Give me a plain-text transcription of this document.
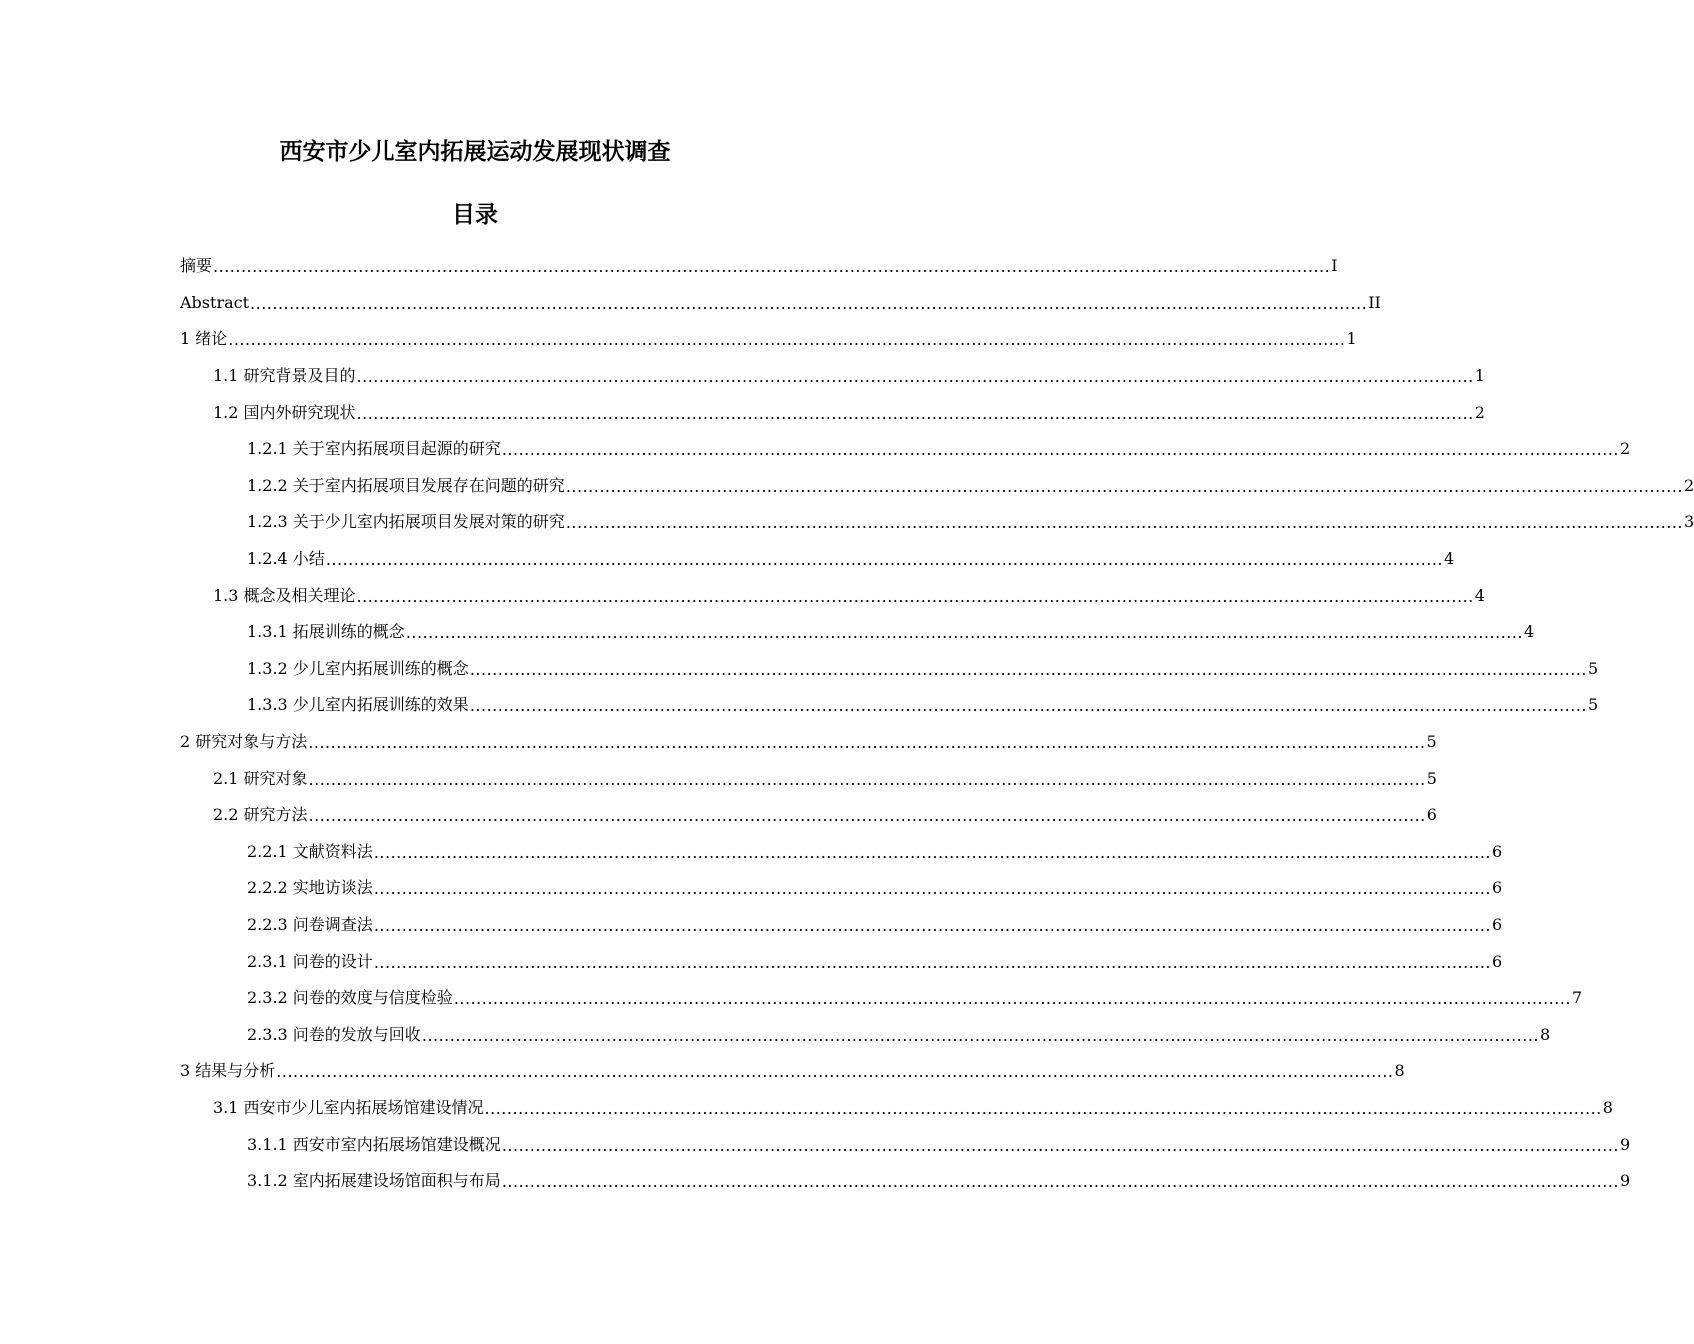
西安市少儿室内拓展运动发展现状调查
目录
摘要 ........................................................................................................................................................................................................ I
Abstract ........................................................................................................................................................................................................ II
1 绪论 ........................................................................................................................................................................................................ 1
1.1 研究背景及目的 ........................................................................................................................................................................................................ 1
1.2 国内外研究现状 ........................................................................................................................................................................................................ 2
1.2.1 关于室内拓展项目起源的研究 ........................................................................................................................................................................................................ 2
1.2.2 关于室内拓展项目发展存在问题的研究 ........................................................................................................................................................................................................ 2
1.2.3 关于少儿室内拓展项目发展对策的研究 ........................................................................................................................................................................................................ 3
1.2.4 小结 ........................................................................................................................................................................................................ 4
1.3 概念及相关理论 ........................................................................................................................................................................................................ 4
1.3.1 拓展训练的概念 ........................................................................................................................................................................................................ 4
1.3.2 少儿室内拓展训练的概念 ........................................................................................................................................................................................................ 5
1.3.3 少儿室内拓展训练的效果 ........................................................................................................................................................................................................ 5
2 研究对象与方法 ........................................................................................................................................................................................................ 5
2.1 研究对象 ........................................................................................................................................................................................................ 5
2.2 研究方法 ........................................................................................................................................................................................................ 6
2.2.1 文献资料法 ........................................................................................................................................................................................................ 6
2.2.2 实地访谈法 ........................................................................................................................................................................................................ 6
2.2.3 问卷调查法 ........................................................................................................................................................................................................ 6
2.3.1 问卷的设计 ........................................................................................................................................................................................................ 6
2.3.2 问卷的效度与信度检验 ........................................................................................................................................................................................................ 7
2.3.3 问卷的发放与回收 ........................................................................................................................................................................................................ 8
3 结果与分析 ........................................................................................................................................................................................................ 8
3.1 西安市少儿室内拓展场馆建设情况 ........................................................................................................................................................................................................ 8
3.1.1 西安市室内拓展场馆建设概况 ........................................................................................................................................................................................................ 9
3.1.2 室内拓展建设场馆面积与布局 ........................................................................................................................................................................................................ 9
